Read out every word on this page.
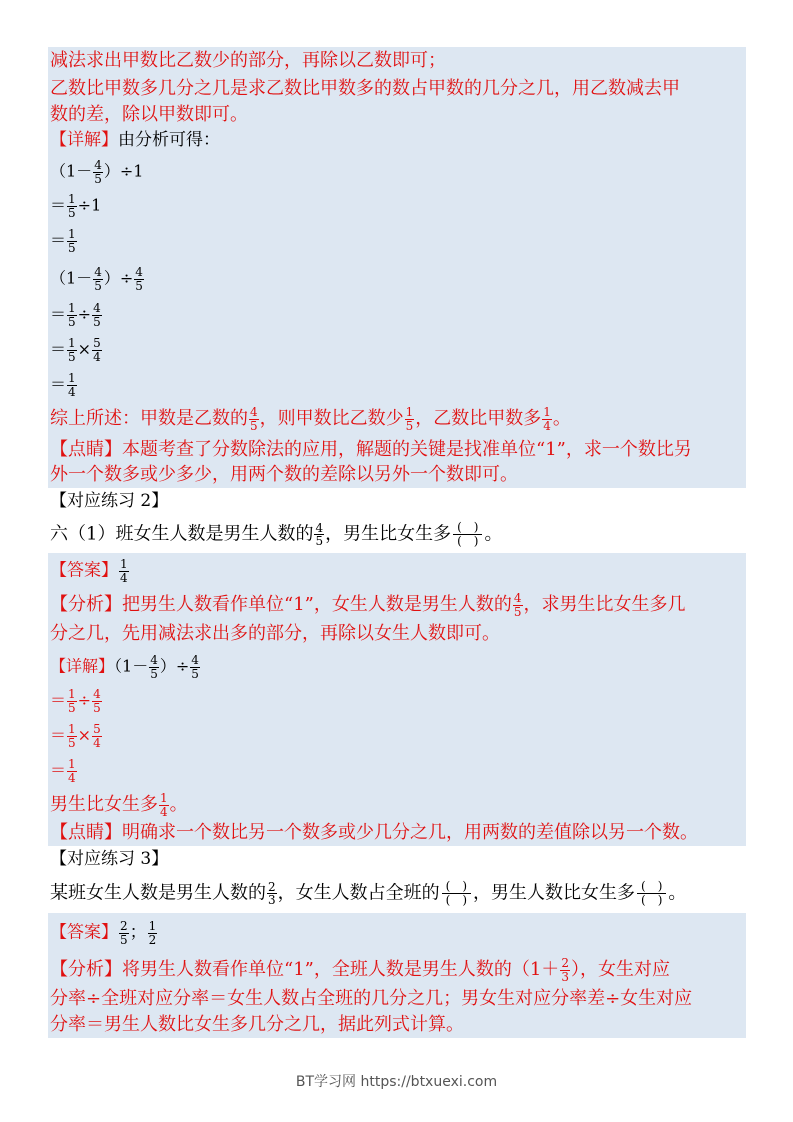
减法求出甲数比乙数少的部分，再除以乙数即可；
乙数比甲数多几分之几是求乙数比甲数多的数占甲数的几分之几，用乙数减去甲
数的差，除以甲数即可。
【详解】由分析可得：
$(1- \frac{4}{5} )\div 1$
＝ $\frac{1}{5} \div 1$
＝ $\frac{1}{5}$
（$1- \frac{4}{5}$ ）÷ $\frac{4}{5}$
＝ $\frac{1}{5} \div \frac{4}{5}$
＝ $\frac{1}{5} \times \frac{5}{4}$
＝ $\frac{1}{4}$
综上所述：甲数是乙数的 $\frac{4}{5}$ ，则甲数比乙数少 $\frac{1}{5}$ ，乙数比甲数多 $\frac{1}{4}$ 。
【点睛】本题考查了分数除法的应用，解题的关键是找准单位“1”，求一个数比另
外一个数多或少多少，用两个数的差除以另外一个数即可。
【对应练习 2】
六（1）班女生人数是男生人数的 $\frac{4}{5}$ ，男生比女生多 $\frac{( )}{( )}$ 。
【答案】 $\frac{1}{4}$
【分析】把男生人数看作单位“1”，女生人数是男生人数的 $\frac{4}{5}$ ，求男生比女生多几
分之几，先用减法求出多的部分，再除以女生人数即可。
【详解】（$1- \frac{4}{5}$ ）÷ $\frac{4}{5}$
＝ $\frac{1}{5} \div \frac{4}{5}$
＝ $\frac{1}{5} \times \frac{5}{4}$
＝ $\frac{1}{4}$
男生比女生多 $\frac{1}{4}$ 。
【点睛】明确求一个数比另一个数多或少几分之几，用两数的差值除以另一个数。
【对应练习 3】
某班女生人数是男生人数的 $\frac{2}{3}$ ，女生人数占全班的 $\frac{( )}{( )}$ ，男生人数比女生多 $\frac{( )}{( )}$ 。
【答案】 $\frac{2}{5}$ ； $\frac{1}{2}$
【分析】将男生人数看作单位“1”，全班人数是男生人数的（$1+ \frac{2}{3}$ ），女生对应
分率÷全班对应分率＝女生人数占全班的几分之几；男女生对应分率差÷女生对应
分率＝男生人数比女生多几分之几，据此列式计算。
BT学习网 https://btxuexi.com
